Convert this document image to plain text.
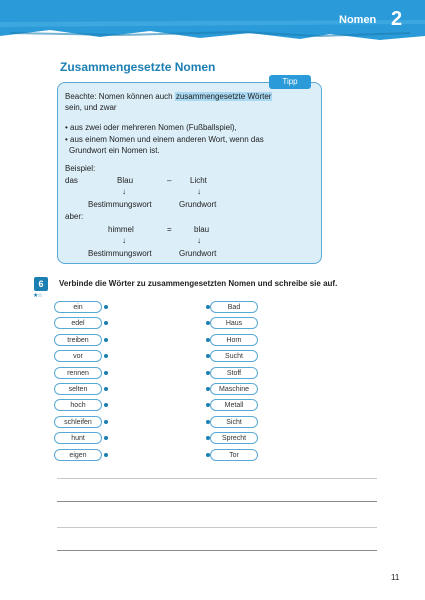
Nomen 2
Zusammengesetzte Nomen
Tipp
Beachte: Nomen können auch zusammengesetzte Wörter
sein, und zwar
• aus zwei oder mehreren Nomen (Fußballspiel),
• aus einem Nomen und einem anderen Wort, wenn das
Grundwort ein Nomen ist.
Beispiel:
das	Blau	– Licht
↓	↓
Bestimmungswort	Grundwort
aber:
himmel	=	blau
↓	↓
Bestimmungswort	Grundwort
6
★☆
Verbinde die Wörter zu zusammengesetzten Nomen und schreibe sie auf.
ein
edel
treiben
vor
rennen
selten
hoch
schleifen
hunt
eigen
Bad
Haus
Horn
Sucht
Stoff
Maschine
Metall
Sicht
Sprecht
Tor
11
